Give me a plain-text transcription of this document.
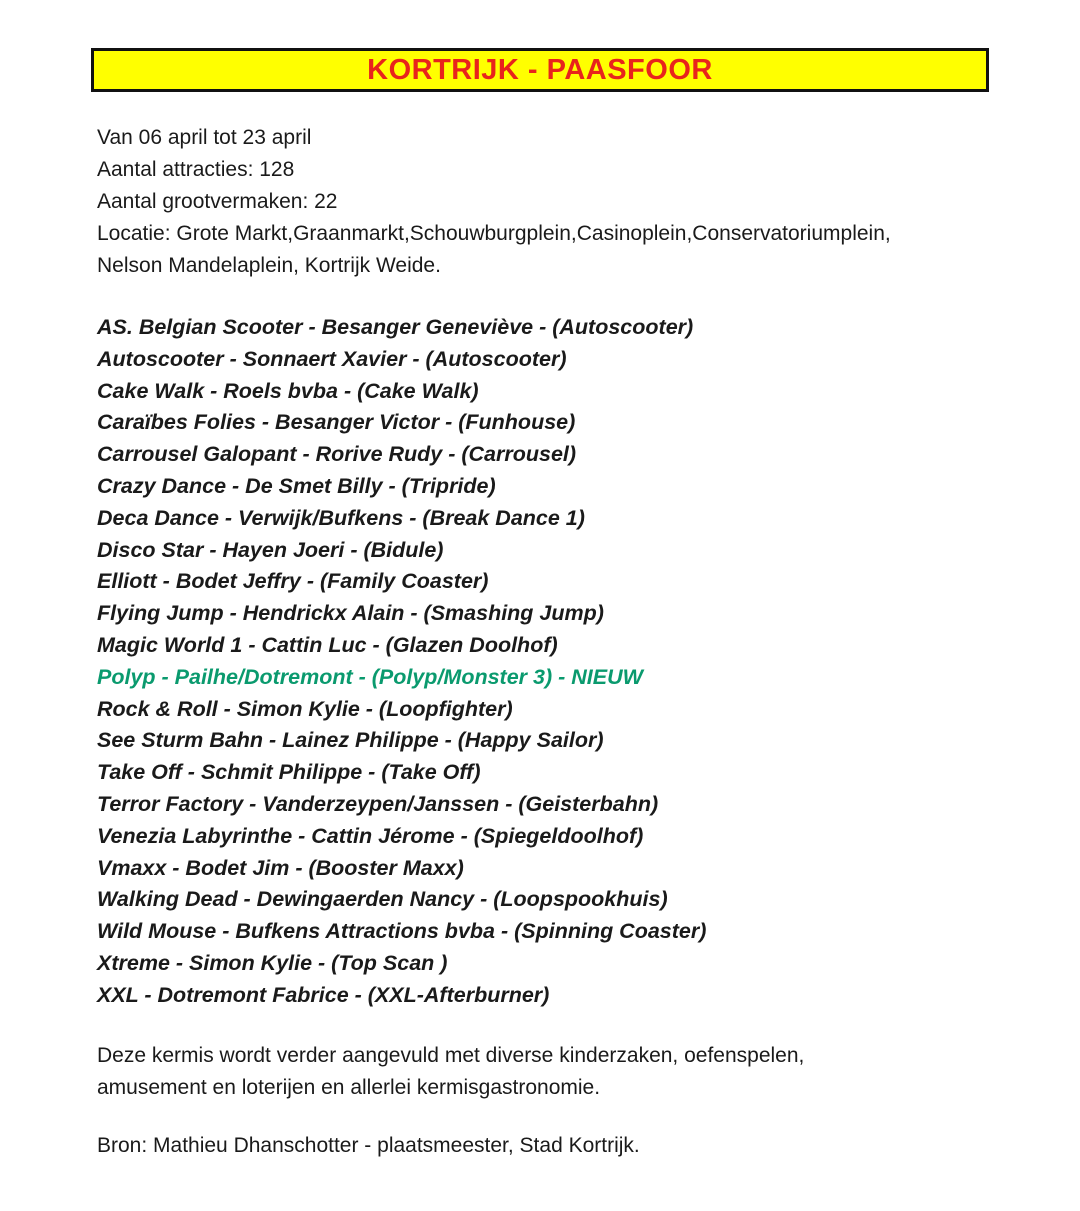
KORTRIJK - PAASFOOR
Van 06 april tot 23 april
Aantal attracties: 128
Aantal grootvermaken: 22
Locatie: Grote Markt,Graanmarkt,Schouwburgplein,Casinoplein,Conservatoriumplein,
Nelson Mandelaplein, Kortrijk Weide.
AS. Belgian Scooter - Besanger Geneviève - (Autoscooter)
Autoscooter - Sonnaert Xavier - (Autoscooter)
Cake Walk - Roels bvba - (Cake Walk)
Caraïbes Folies - Besanger Victor - (Funhouse)
Carrousel Galopant - Rorive Rudy - (Carrousel)
Crazy Dance - De Smet Billy - (Tripride)
Deca Dance - Verwijk/Bufkens - (Break Dance 1)
Disco Star - Hayen Joeri - (Bidule)
Elliott - Bodet Jeffry - (Family Coaster)
Flying Jump - Hendrickx Alain - (Smashing Jump)
Magic World 1 - Cattin Luc - (Glazen Doolhof)
Polyp - Pailhe/Dotremont - (Polyp/Monster 3) - NIEUW
Rock & Roll - Simon Kylie - (Loopfighter)
See Sturm Bahn - Lainez Philippe - (Happy Sailor)
Take Off - Schmit Philippe - (Take Off)
Terror Factory - Vanderzeypen/Janssen - (Geisterbahn)
Venezia Labyrinthe - Cattin Jérome - (Spiegeldoolhof)
Vmaxx - Bodet Jim - (Booster Maxx)
Walking Dead - Dewingaerden Nancy - (Loopspookhuis)
Wild Mouse - Bufkens Attractions bvba - (Spinning Coaster)
Xtreme - Simon Kylie - (Top Scan )
XXL - Dotremont Fabrice - (XXL-Afterburner)
Deze kermis wordt verder aangevuld met diverse kinderzaken, oefenspelen,
amusement en loterijen en allerlei kermisgastronomie.
Bron: Mathieu Dhanschotter - plaatsmeester, Stad Kortrijk.
